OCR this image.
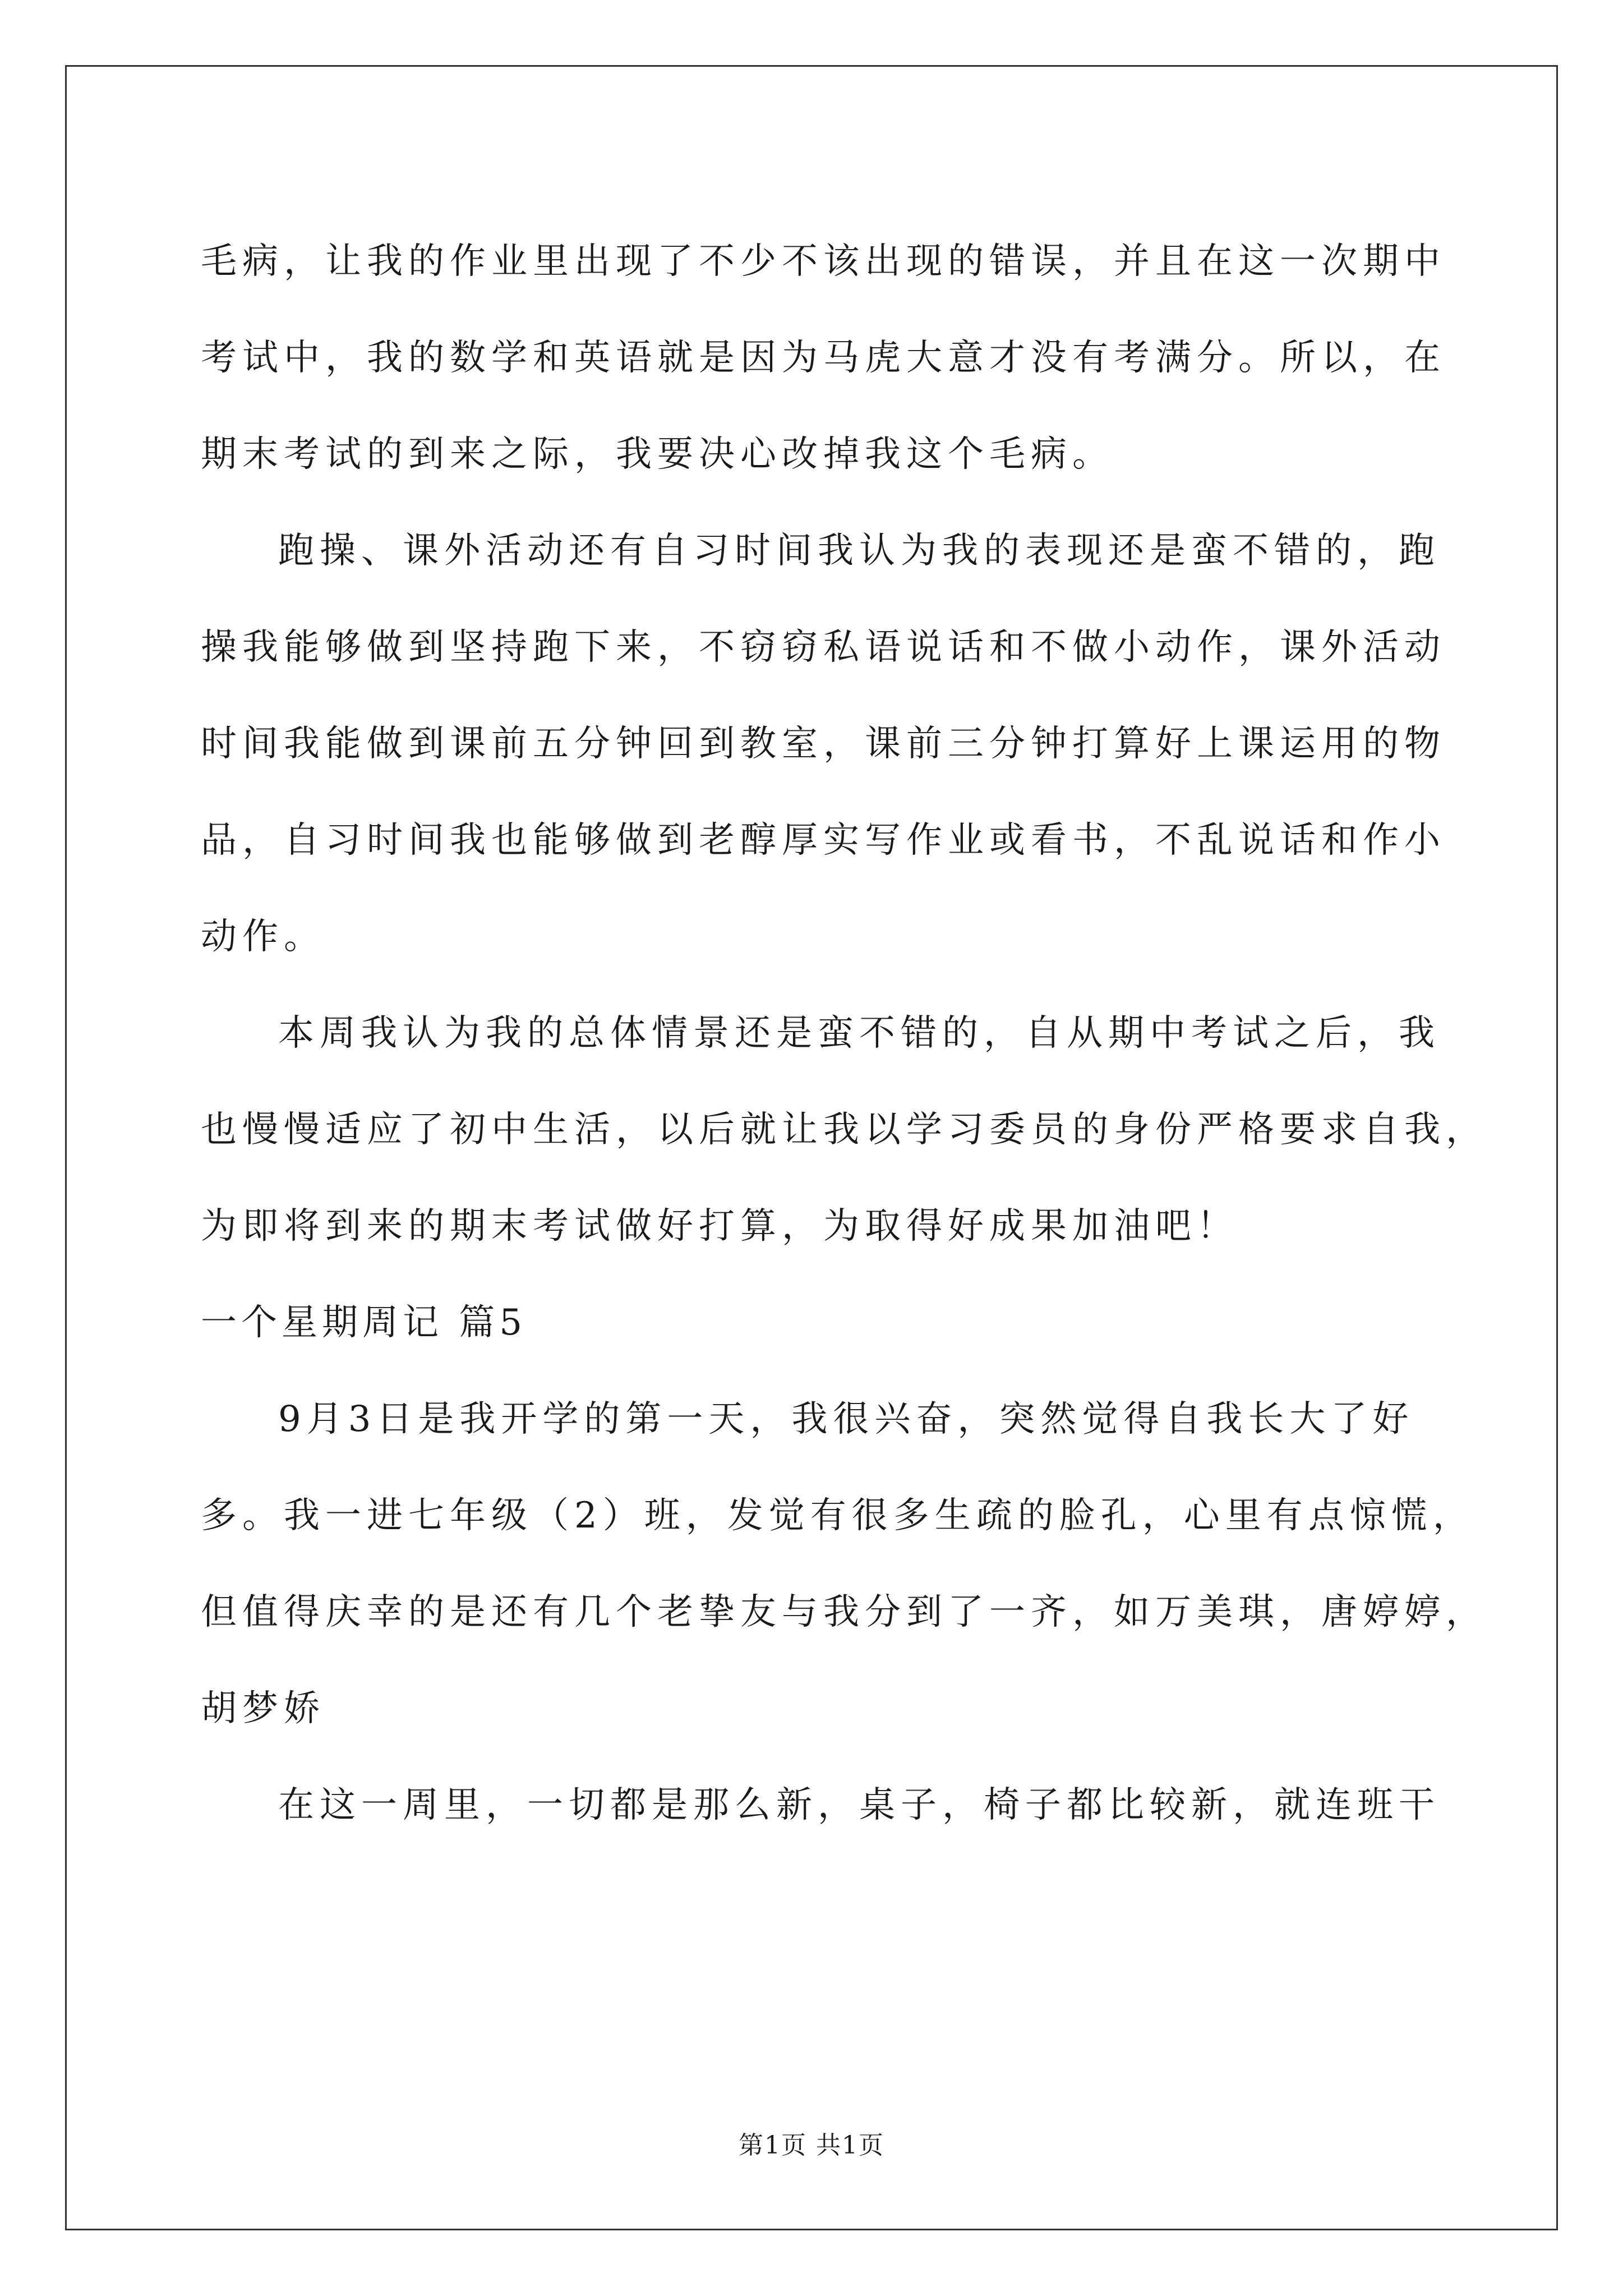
毛病，让我的作业里出现了不少不该出现的错误，并且在这一次期中
考试中，我的数学和英语就是因为马虎大意才没有考满分。所以，在
期末考试的到来之际，我要决心改掉我这个毛病。
跑操、课外活动还有自习时间我认为我的表现还是蛮不错的，跑
操我能够做到坚持跑下来，不窃窃私语说话和不做小动作，课外活动
时间我能做到课前五分钟回到教室，课前三分钟打算好上课运用的物
品，自习时间我也能够做到老醇厚实写作业或看书，不乱说话和作小
动作。
本周我认为我的总体情景还是蛮不错的，自从期中考试之后，我
也慢慢适应了初中生活，以后就让我以学习委员的身份严格要求自我，
为即将到来的期末考试做好打算，为取得好成果加油吧！
一个星期周记 篇5
9月3日是我开学的第一天，我很兴奋，突然觉得自我长大了好
多。我一进七年级（2）班，发觉有很多生疏的脸孔，心里有点惊慌，
但值得庆幸的是还有几个老挚友与我分到了一齐，如万美琪，唐婷婷，
胡梦娇
在这一周里，一切都是那么新，桌子，椅子都比较新，就连班干
第1页 共1页
